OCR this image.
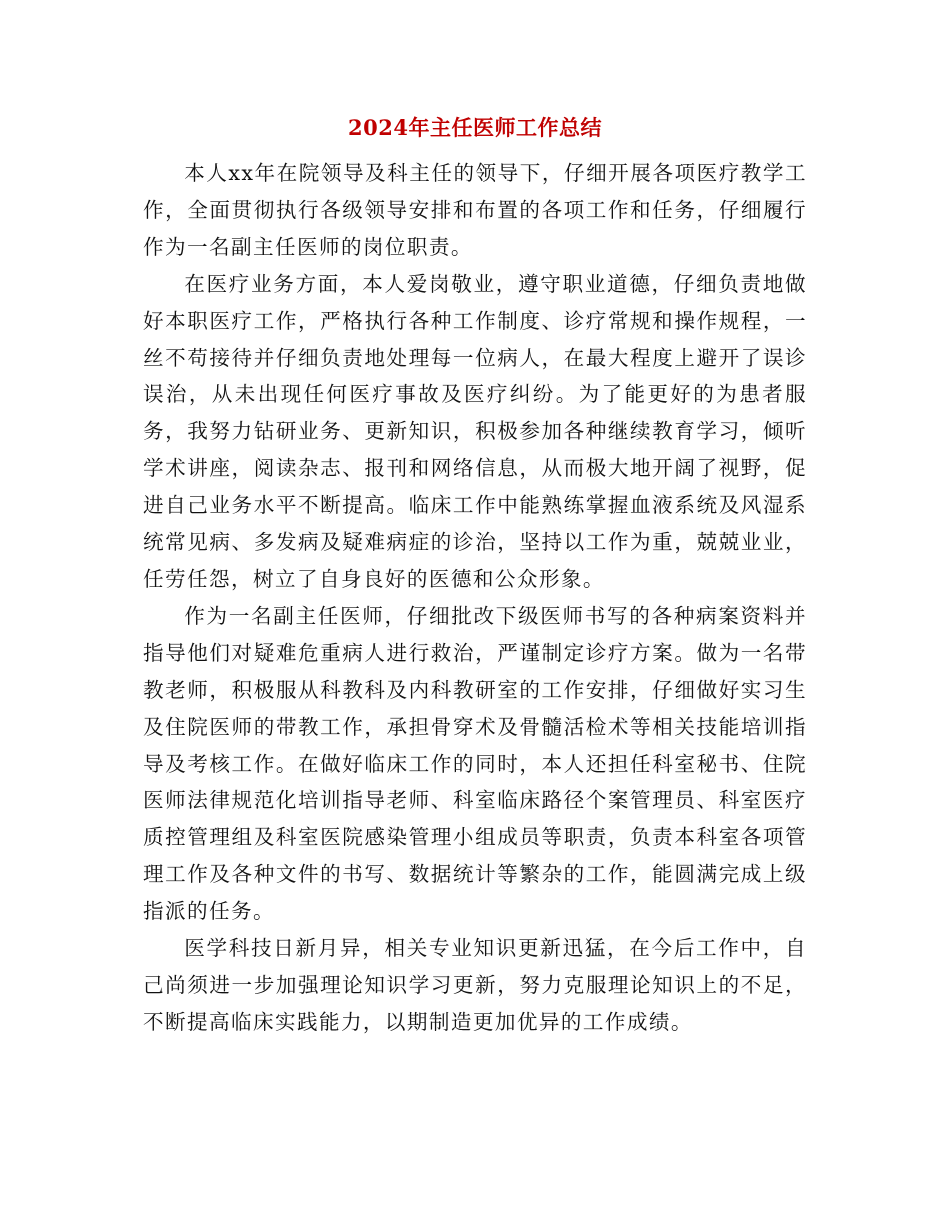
2024年主任医师工作总结

本人xx年在院领导及科主任的领导下，仔细开展各项医疗教学工作，全面贯彻执行各级领导安排和布置的各项工作和任务，仔细履行作为一名副主任医师的岗位职责。

在医疗业务方面，本人爱岗敬业，遵守职业道德，仔细负责地做好本职医疗工作，严格执行各种工作制度、诊疗常规和操作规程，一丝不苟接待并仔细负责地处理每一位病人，在最大程度上避开了误诊误治，从未出现任何医疗事故及医疗纠纷。为了能更好的为患者服务，我努力钻研业务、更新知识，积极参加各种继续教育学习，倾听学术讲座，阅读杂志、报刊和网络信息，从而极大地开阔了视野，促进自己业务水平不断提高。临床工作中能熟练掌握血液系统及风湿系统常见病、多发病及疑难病症的诊治，坚持以工作为重，兢兢业业，任劳任怨，树立了自身良好的医德和公众形象。

作为一名副主任医师，仔细批改下级医师书写的各种病案资料并指导他们对疑难危重病人进行救治，严谨制定诊疗方案。做为一名带教老师，积极服从科教科及内科教研室的工作安排，仔细做好实习生及住院医师的带教工作，承担骨穿术及骨髓活检术等相关技能培训指导及考核工作。在做好临床工作的同时，本人还担任科室秘书、住院医师法律规范化培训指导老师、科室临床路径个案管理员、科室医疗质控管理组及科室医院感染管理小组成员等职责，负责本科室各项管理工作及各种文件的书写、数据统计等繁杂的工作，能圆满完成上级指派的任务。

医学科技日新月异，相关专业知识更新迅猛，在今后工作中，自己尚须进一步加强理论知识学习更新，努力克服理论知识上的不足，不断提高临床实践能力，以期制造更加优异的工作成绩。
